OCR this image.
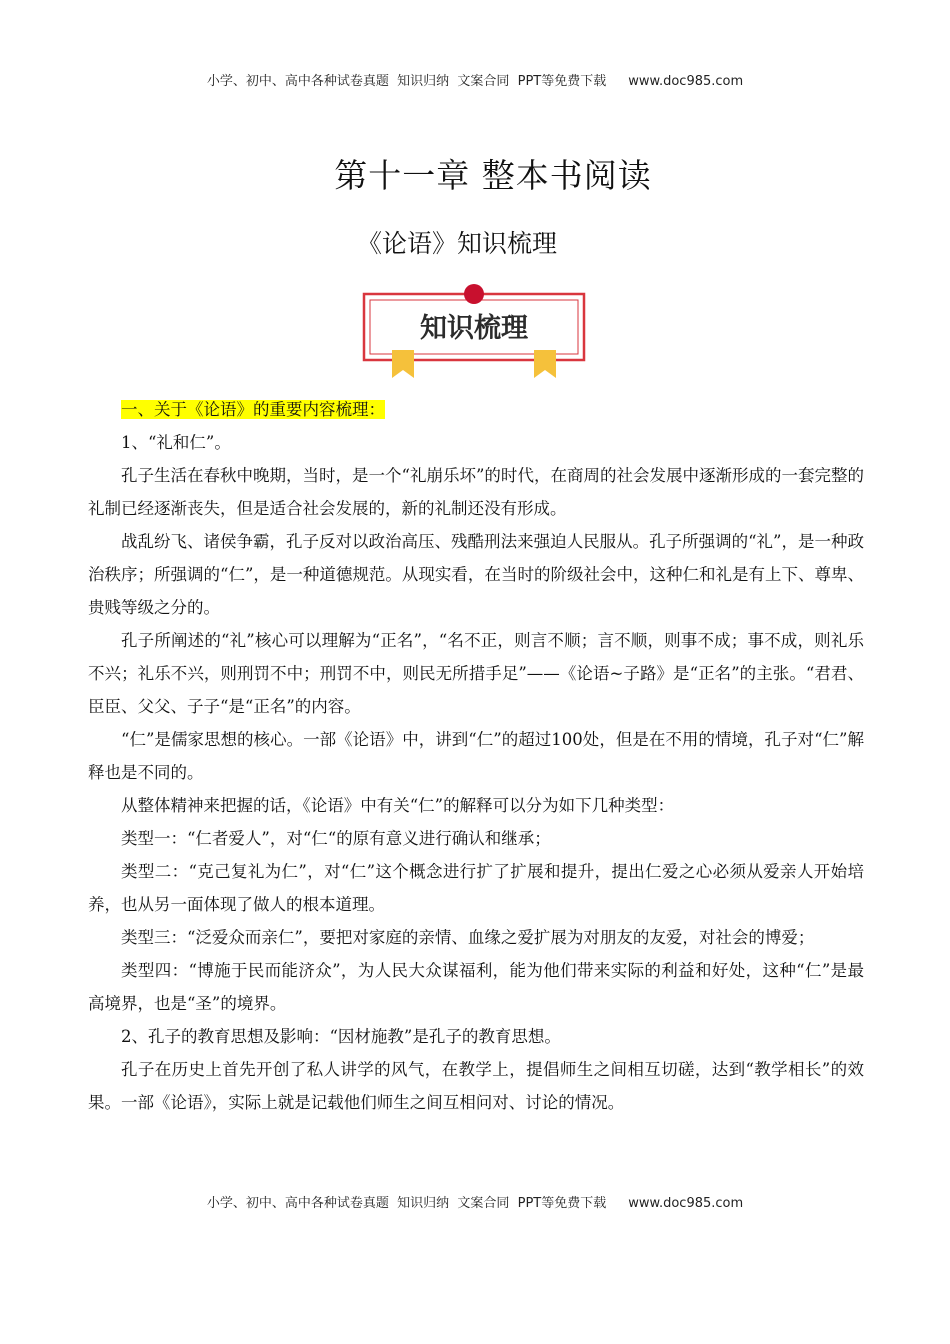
小学、初中、高中各种试卷真题  知识归纳  文案合同  PPT等免费下载 www.doc985.com
第十一章 整本书阅读
《论语》知识梳理
知识梳理

一、关于《论语》的重要内容梳理：

1、“礼和仁”。

孔子生活在春秋中晚期，当时，是一个“礼崩乐坏”的时代，在商周的社会发展中逐渐形成的一套完整的礼制已经逐渐丧失，但是适合社会发展的，新的礼制还没有形成。

战乱纷飞、诸侯争霸，孔子反对以政治高压、残酷刑法来强迫人民服从。孔子所强调的“礼”，是一种政治秩序；所强调的“仁”，是一种道德规范。从现实看，在当时的阶级社会中，这种仁和礼是有上下、尊卑、贵贱等级之分的。

孔子所阐述的“礼”核心可以理解为“正名”，“名不正，则言不顺；言不顺，则事不成；事不成，则礼乐不兴；礼乐不兴，则刑罚不中；刑罚不中，则民无所措手足”——《论语~子路》是“正名”的主张。“君君、臣臣、父父、子子“是“正名”的内容。

“仁”是儒家思想的核心。一部《论语》中，讲到“仁”的超过100处，但是在不用的情境，孔子对“仁”解释也是不同的。

从整体精神来把握的话，《论语》中有关“仁”的解释可以分为如下几种类型：

类型一：“仁者爱人”，对“仁“的原有意义进行确认和继承；

类型二：“克己复礼为仁”，对“仁”这个概念进行扩了扩展和提升，提出仁爱之心必须从爱亲人开始培养，也从另一面体现了做人的根本道理。

类型三：“泛爱众而亲仁”，要把对家庭的亲情、血缘之爱扩展为对朋友的友爱，对社会的博爱；

类型四：“博施于民而能济众”，为人民大众谋福利，能为他们带来实际的利益和好处，这种“仁”是最高境界，也是“圣”的境界。

2、孔子的教育思想及影响：“因材施教”是孔子的教育思想。

孔子在历史上首先开创了私人讲学的风气，在教学上，提倡师生之间相互切磋，达到“教学相长”的效果。一部《论语》，实际上就是记载他们师生之间互相问对、讨论的情况。

小学、初中、高中各种试卷真题  知识归纳  文案合同  PPT等免费下载 www.doc985.com
